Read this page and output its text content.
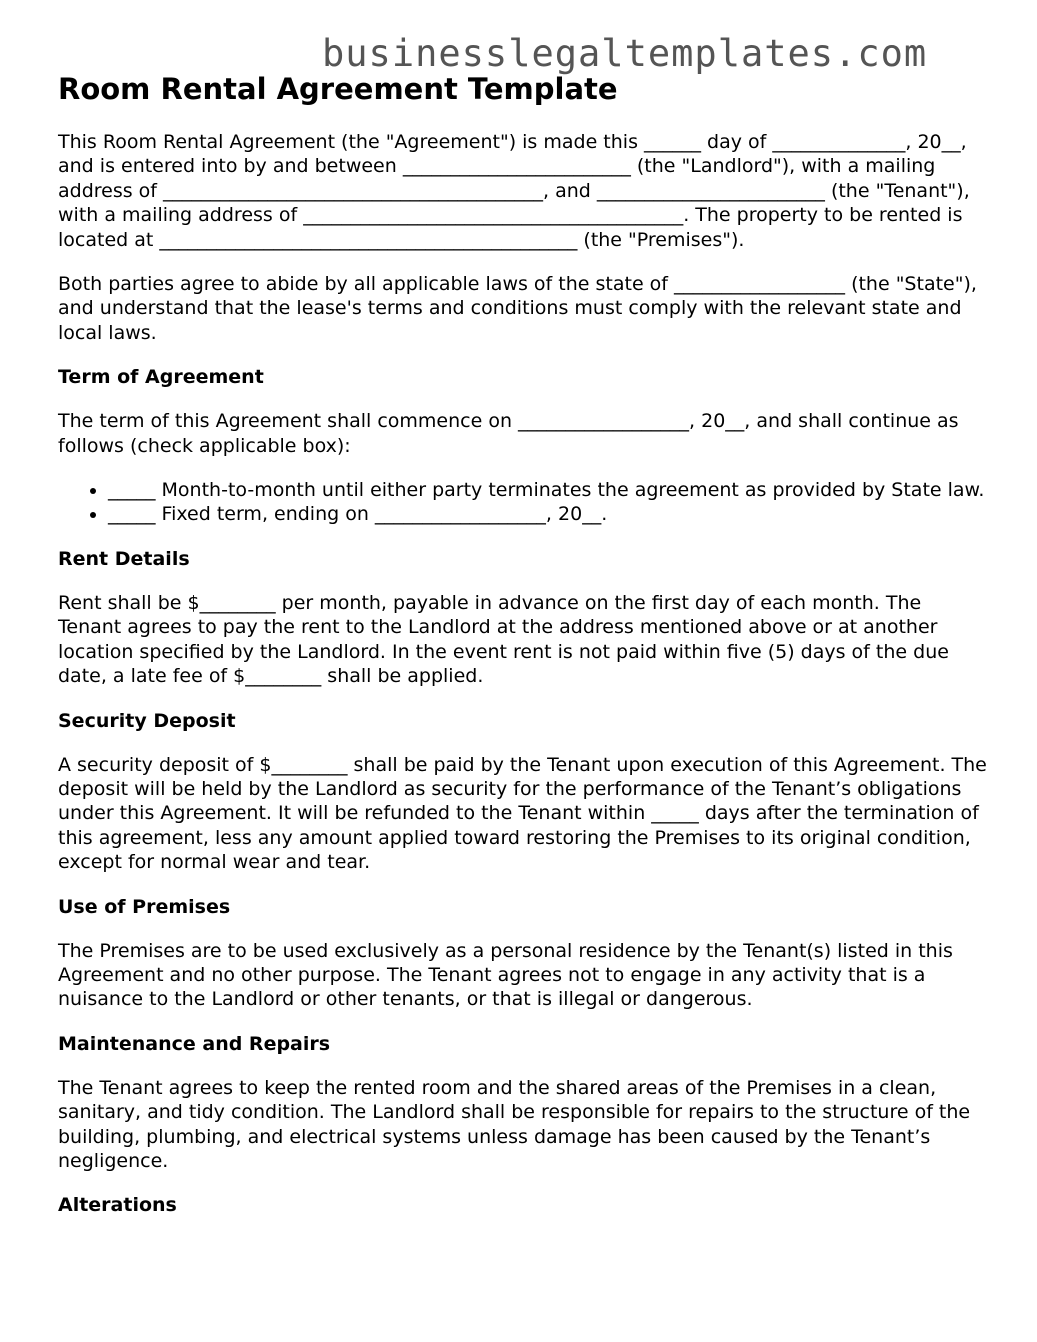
businesslegaltemplates.com
Room Rental Agreement Template

This Room Rental Agreement (the "Agreement") is made this ______ day of ______________, 20__, and is entered into by and between ________________________ (the "Landlord"), with a mailing address of ________________________________________, and ________________________ (the "Tenant"), with a mailing address of ________________________________________. The property to be rented is located at ____________________________________________ (the "Premises").

Both parties agree to abide by all applicable laws of the state of __________________ (the "State"), and understand that the lease's terms and conditions must comply with the relevant state and local laws.

Term of Agreement

The term of this Agreement shall commence on __________________, 20__, and shall continue as follows (check applicable box):

• _____ Month-to-month until either party terminates the agreement as provided by State law.
• _____ Fixed term, ending on __________________, 20__.
Rent Details

Rent shall be $________ per month, payable in advance on the first day of each month. The Tenant agrees to pay the rent to the Landlord at the address mentioned above or at another location specified by the Landlord. In the event rent is not paid within five (5) days of the due date, a late fee of $________ shall be applied.

Security Deposit

A security deposit of $________ shall be paid by the Tenant upon execution of this Agreement. The deposit will be held by the Landlord as security for the performance of the Tenant’s obligations under this Agreement. It will be refunded to the Tenant within _____ days after the termination of this agreement, less any amount applied toward restoring the Premises to its original condition, except for normal wear and tear.

Use of Premises

The Premises are to be used exclusively as a personal residence by the Tenant(s) listed in this Agreement and no other purpose. The Tenant agrees not to engage in any activity that is a nuisance to the Landlord or other tenants, or that is illegal or dangerous.

Maintenance and Repairs

The Tenant agrees to keep the rented room and the shared areas of the Premises in a clean, sanitary, and tidy condition. The Landlord shall be responsible for repairs to the structure of the building, plumbing, and electrical systems unless damage has been caused by the Tenant’s negligence.

Alterations
